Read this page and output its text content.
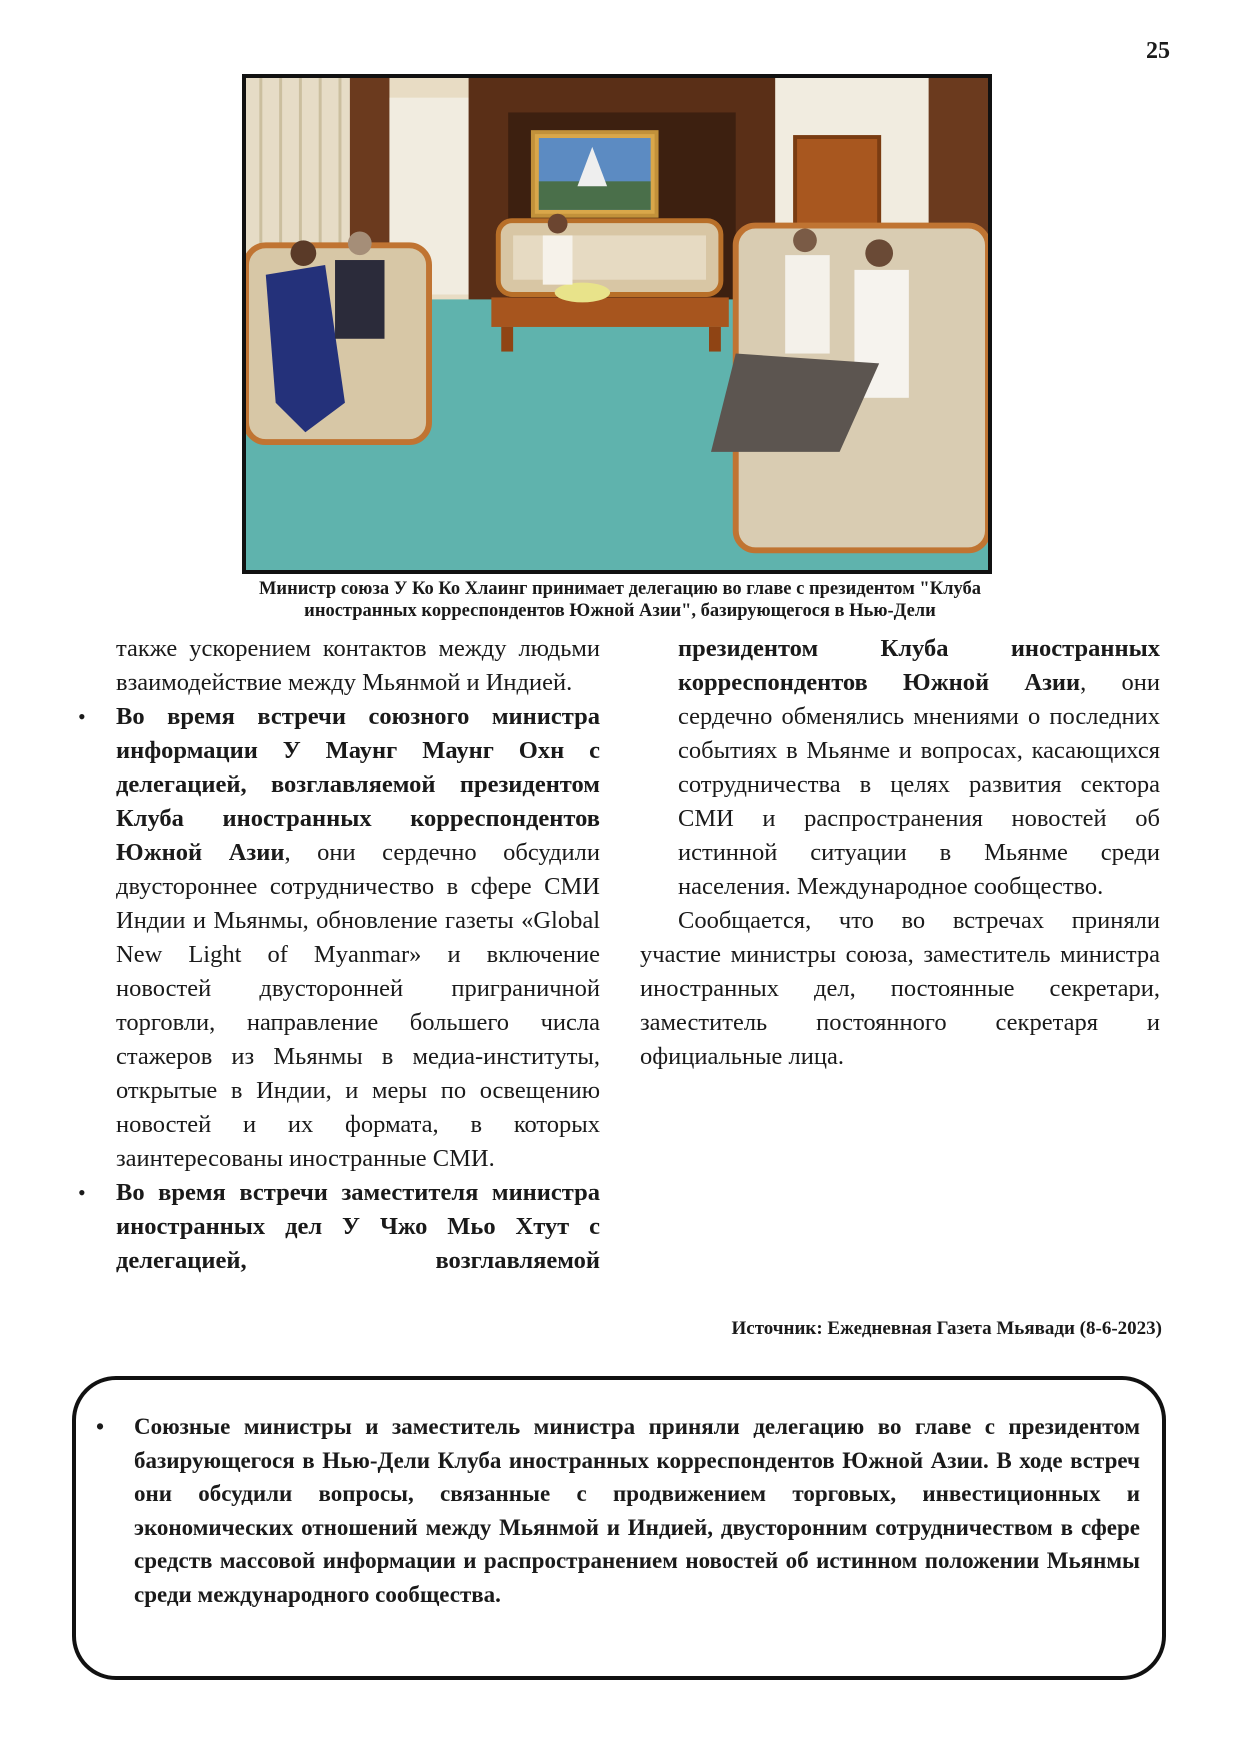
25
Министр союза У Ко Ко Хлаинг принимает делегацию во главе с президентом "Клуба
иностранных корреспондентов Южной Азии", базирующегося в Нью-Дели

также ускорением контактов между людьми взаимодействие между Мьянмой и Индией.

• Во время встречи союзного министра информации У Маунг Маунг Охн с делегацией, возглавляемой президентом Клуба иностранных корреспондентов Южной Азии, они сердечно обсудили двустороннее сотрудничество в сфере СМИ Индии и Мьянмы, обновление газеты «Global New Light of Myanmar» и включение новостей двусторонней приграничной торговли, направление большего числа стажеров из Мьянмы в медиа-институты, открытые в Индии, и меры по освещению новостей и их формата, в которых заинтересованы иностранные СМИ.

• Во время встречи заместителя министра иностранных дел У Чжо Мьо Хтут с делегацией, возглавляемой

президентом Клуба иностранных корреспондентов Южной Азии, они сердечно обменялись мнениями о последних событиях в Мьянме и вопросах, касающихся сотрудничества в целях развития сектора СМИ и распространения новостей об истинной ситуации в Мьянме среди населения. Международное сообщество.

Сообщается, что во встречах приняли

участие министры союза, заместитель министра иностранных дел, постоянные секретари, заместитель постоянного секретаря и официальные лица.

Источник: Ежедневная Газета Мьявади (8-6-2023)
• Союзные министры и заместитель министра приняли делегацию во главе с президентом базирующегося в Нью-Дели Клуба иностранных корреспондентов Южной Азии. В ходе встреч они обсудили вопросы, связанные с продвижением торговых, инвестиционных и экономических отношений между Мьянмой и Индией, двусторонним сотрудничеством в сфере средств массовой информации и распространением новостей об истинном положении Мьянмы среди международного сообщества.
